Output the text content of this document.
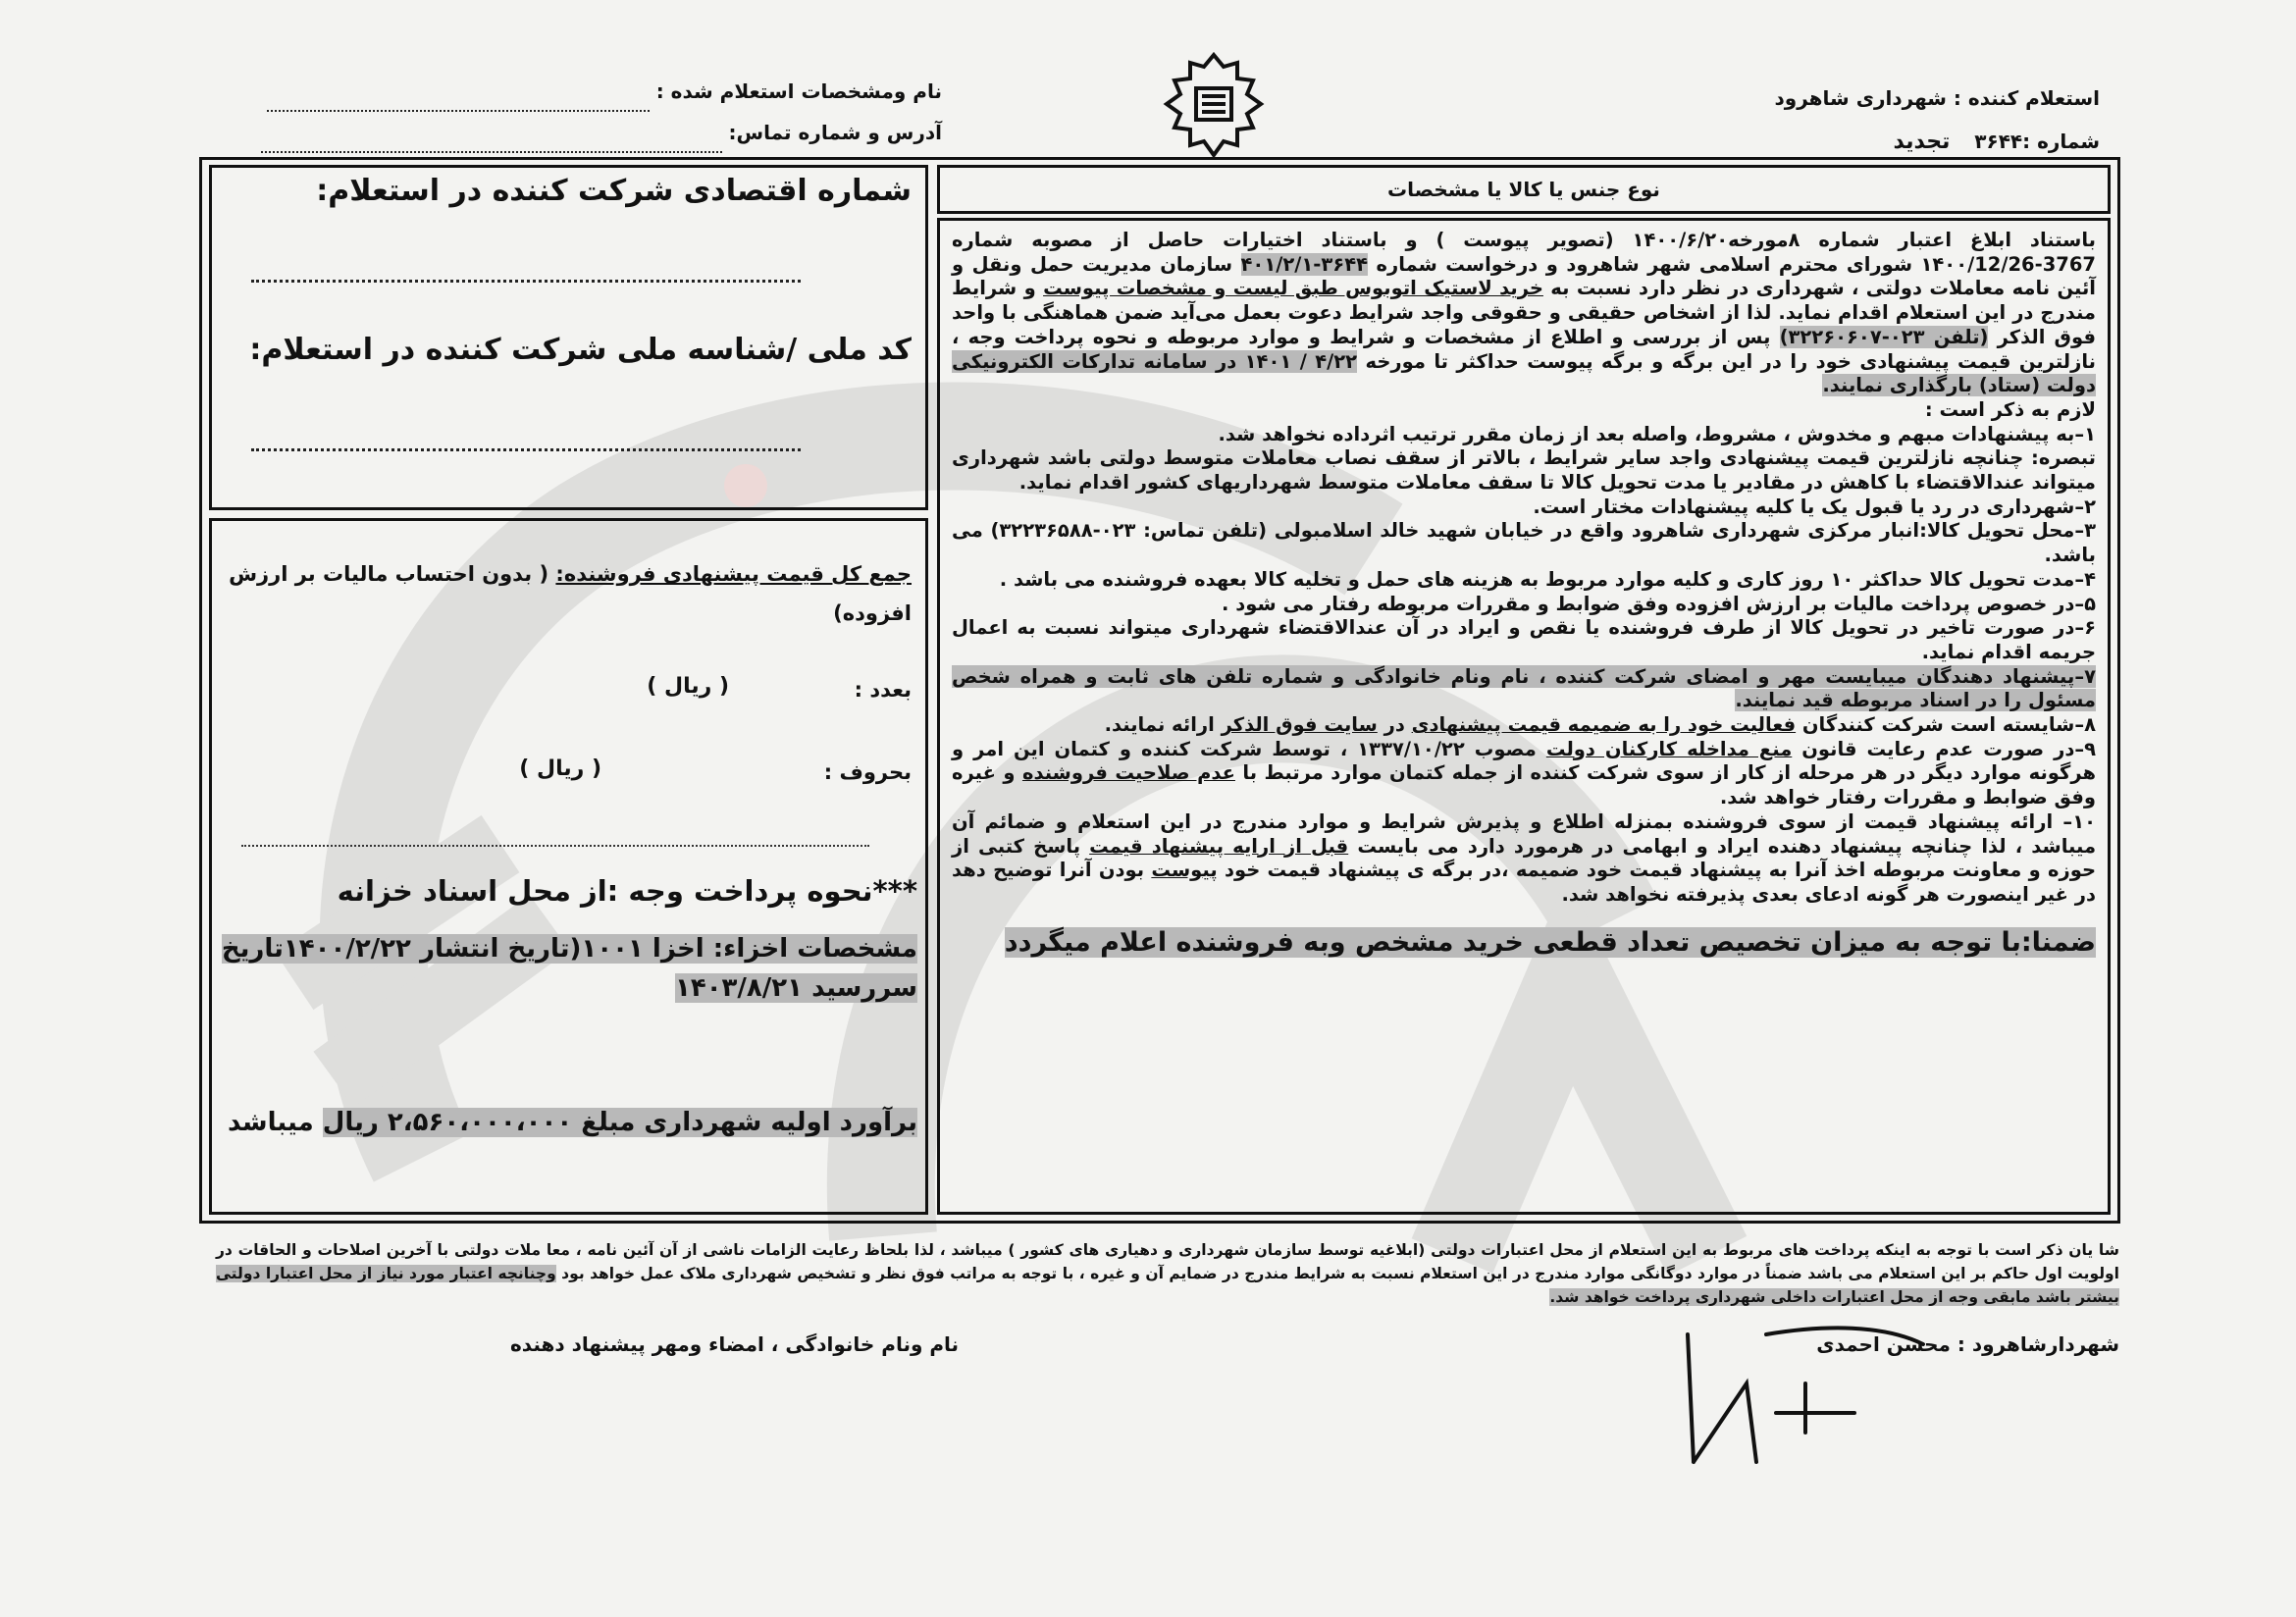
استعلام کننده : شهرداری شاهرود
شماره :۳۶۴۴ تجدید
نام ومشخصات استعلام شده :
آدرس و شماره تماس:
نوع جنس یا کالا یا مشخصات

باستناد ابلاغ اعتبار شماره ۸مورخه۱۴۰۰/۶/۲۰ (تصویر پیوست ) و باستناد اختیارات حاصل از مصوبه شماره 3767-۱۴۰۰/12/26 شورای محترم اسلامی شهر شاهرود و درخواست شماره ۳۶۴۴-۴۰۱/۲/۱ سازمان مدیریت حمل ونقل و آئین نامه معاملات دولتی ، شهرداری در نظر دارد نسبت به خرید لاستیک اتوبوس طبق لیست و مشخصات پیوست و شرایط مندرج در این استعلام اقدام نماید. لذا از اشخاص حقیقی و حقوقی واجد شرایط دعوت بعمل می‌آید ضمن هماهنگی با واحد فوق الذکر (تلفن ۰۲۳-۳۲۲۶۰۶۰۷) پس از بررسی و اطلاع از مشخصات و شرایط و موارد مربوطه و نحوه پرداخت وجه ، نازلترین قیمت پیشنهادی خود را در این برگه و برگه پیوست حداکثر تا مورخه ۴/۲۲ / ۱۴۰۱ در سامانه تدارکات الکترونیکی دولت (ستاد) بارگذاری نمایند.

لازم به ذکر است :

۱–به پیشنهادات مبهم و مخدوش ، مشروط، واصله بعد از زمان مقرر ترتیب اثرداده نخواهد شد.

تبصره: چنانچه نازلترین قیمت پیشنهادی واجد سایر شرایط ، بالاتر از سقف نصاب معاملات متوسط دولتی باشد شهرداری میتواند عندالاقتضاء با کاهش در مقادیر یا مدت تحویل کالا تا سقف معاملات متوسط شهرداریهای کشور اقدام نماید.

۲–شهرداری در رد یا قبول یک یا کلیه پیشنهادات مختار است.

۳–محل تحویل کالا:انبار مرکزی شهرداری شاهرود واقع در خیابان شهید خالد اسلامبولی (تلفن تماس: ۰۲۳-۳۲۲۳۶۵۸۸) می باشد.

۴–مدت تحویل کالا حداکثر ۱۰ روز کاری و کلیه موارد مربوط به هزینه های حمل و تخلیه کالا بعهده فروشنده می باشد .

۵–در خصوص پرداخت مالیات بر ارزش افزوده وفق ضوابط و مقررات مربوطه رفتار می شود .

۶–در صورت تاخیر در تحویل کالا از طرف فروشنده یا نقص و ایراد در آن عندالاقتضاء شهرداری میتواند نسبت به اعمال جریمه اقدام نماید.

۷–پیشنهاد دهندگان میبایست مهر و امضای شرکت کننده ، نام ونام خانوادگی و شماره تلفن های ثابت و همراه شخص مسئول را در اسناد مربوطه قید نمایند.

۸–شایسته است شرکت کنندگان فعالیت خود را به ضمیمه قیمت پیشنهادی در سایت فوق الذکر ارائه نمایند.

۹–در صورت عدم رعایت قانون منع مداخله کارکنان دولت مصوب ۱۳۳۷/۱۰/۲۲ ، توسط شرکت کننده و کتمان این امر و هرگونه موارد دیگر در هر مرحله از کار از سوی شرکت کننده از جمله کتمان موارد مرتبط با عدم صلاحیت فروشنده و غیره وفق ضوابط و مقررات رفتار خواهد شد.

۱۰– ارائه پیشنهاد قیمت از سوی فروشنده بمنزله اطلاع و پذیرش شرایط و موارد مندرج در این استعلام و ضمائم آن میباشد ، لذا چنانچه پیشنهاد دهنده ایراد و ابهامی در هرمورد دارد می بایست قبل از ارایه پیشنهاد قیمت پاسخ کتبی از حوزه و معاونت مربوطه اخذ آنرا به پیشنهاد قیمت خود ضمیمه ،در برگه ی پیشنهاد قیمت خود پیوست بودن آنرا توضیح دهد در غیر اینصورت هر گونه ادعای بعدی پذیرفته نخواهد شد.

ضمنا:با توجه به میزان تخصیص تعداد قطعی خرید مشخص وبه فروشنده اعلام میگردد

شماره اقتصادی شرکت کننده در استعلام:
کد ملی /شناسه ملی شرکت کننده در استعلام:
جمع کل قیمت پیشنهادی فروشنده: ( بدون احتساب مالیات بر ارزش افزوده)
بعدد :
( ریال )
بحروف :
( ریال )
***نحوه پرداخت وجه :از محل اسناد خزانه
مشخصات اخزاء: اخزا ۱۰۰۱(تاریخ انتشار ۱۴۰۰/۲/۲۲تاریخ سررسید ۱۴۰۳/۸/۲۱
برآورد اولیه شهرداری مبلغ ۲،۵۶۰،۰۰۰،۰۰۰ ریال میباشد
شا یان ذکر است با توجه به اینکه پرداخت های مربوط به این استعلام از محل اعتبارات دولتی (ابلاغیه توسط سازمان شهرداری و دهیاری های کشور ) میباشد ، لذا بلحاظ رعایت الزامات ناشی از آن آئین نامه ، معا ملات دولتی با آخرین اصلاحات و الحاقات در اولویت اول حاکم بر این استعلام می باشد ضمناً در موارد دوگانگی موارد مندرج در این استعلام نسبت به شرایط مندرج در ضمایم آن و غیره ، با توجه به مراتب فوق نظر و تشخیص شهرداری ملاک عمل خواهد بود وچنانچه اعتبار مورد نیاز از محل اعتبارا دولتی بیشتر باشد مابقی وجه از محل اعتبارات داخلی شهرداری پرداخت خواهد شد.
شهردارشاهرود : محسن احمدی
نام ونام خانوادگی ، امضاء ومهر پیشنهاد دهنده
